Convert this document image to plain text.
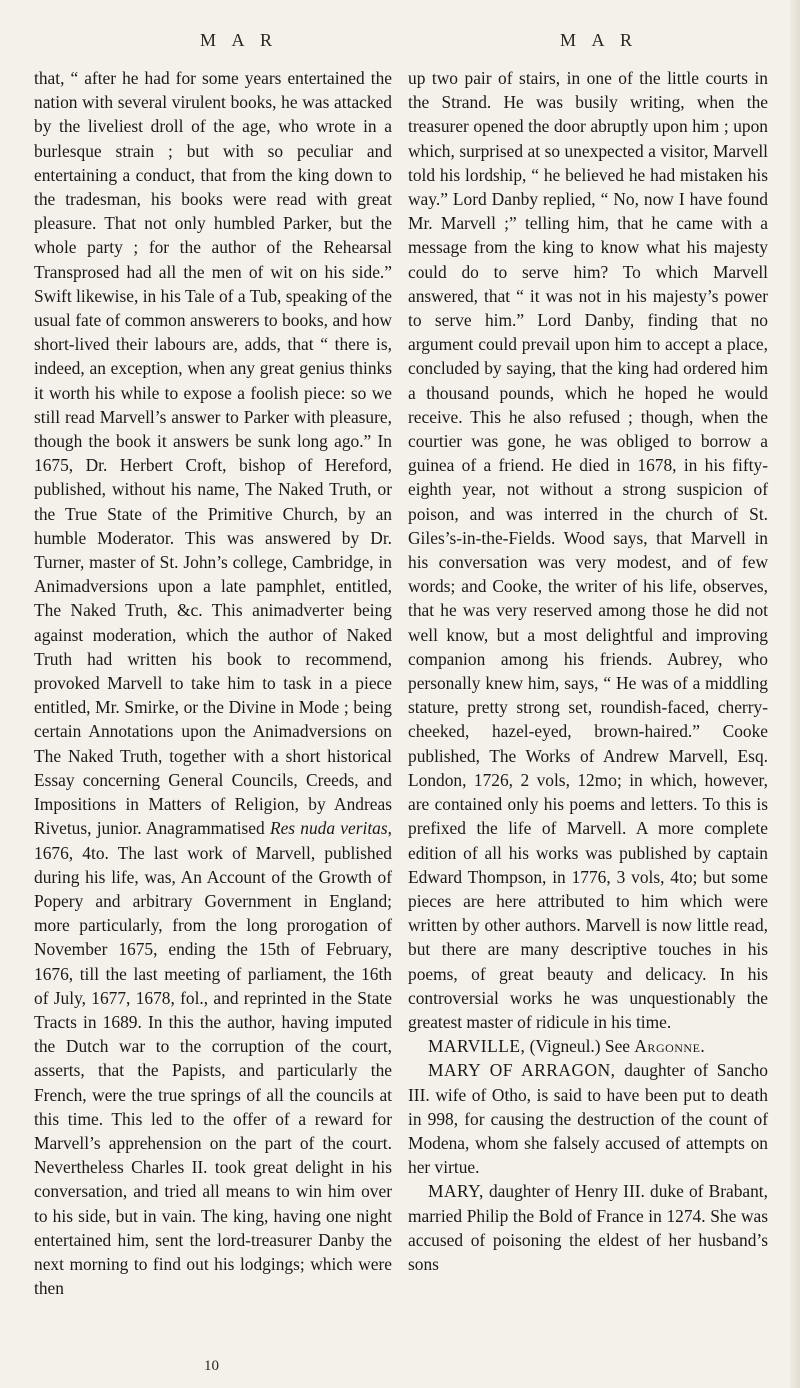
M A R	M A R

that, “ after he had for some years entertained the nation with several virulent books, he was attacked by the liveliest droll of the age, who wrote in a burlesque strain ; but with so peculiar and entertaining a conduct, that from the king down to the tradesman, his books were read with great pleasure. That not only humbled Parker, but the whole party ; for the author of the Rehearsal Transprosed had all the men of wit on his side.” Swift likewise, in his Tale of a Tub, speaking of the usual fate of common answerers to books, and how short-lived their labours are, adds, that “ there is, indeed, an exception, when any great genius thinks it worth his while to expose a foolish piece: so we still read Marvell’s answer to Parker with pleasure, though the book it answers be sunk long ago.” In 1675, Dr. Herbert Croft, bishop of Hereford, published, without his name, The Naked Truth, or the True State of the Primitive Church, by an humble Moderator. This was answered by Dr. Turner, master of St. John’s college, Cambridge, in Animadversions upon a late pamphlet, entitled, The Naked Truth, &c. This animadverter being against moderation, which the author of Naked Truth had written his book to recommend, provoked Marvell to take him to task in a piece entitled, Mr. Smirke, or the Divine in Mode ; being certain Annotations upon the Animadversions on The Naked Truth, together with a short historical Essay concerning General Councils, Creeds, and Impositions in Matters of Religion, by Andreas Rivetus, junior. Anagrammatised Res nuda veritas, 1676, 4to. The last work of Marvell, published during his life, was, An Account of the Growth of Popery and arbitrary Government in England; more particularly, from the long prorogation of November 1675, ending the 15th of February, 1676, till the last meeting of parliament, the 16th of July, 1677, 1678, fol., and reprinted in the State Tracts in 1689. In this the author, having imputed the Dutch war to the corruption of the court, asserts, that the Papists, and particularly the French, were the true springs of all the councils at this time. This led to the offer of a reward for Marvell’s apprehension on the part of the court. Nevertheless Charles II. took great delight in his conversation, and tried all means to win him over to his side, but in vain. The king, having one night entertained him, sent the lord-treasurer Danby the next morning to find out his lodgings; which were then

up two pair of stairs, in one of the little courts in the Strand. He was busily writing, when the treasurer opened the door abruptly upon him ; upon which, surprised at so unexpected a visitor, Marvell told his lordship, “ he believed he had mistaken his way.” Lord Danby replied, “ No, now I have found Mr. Marvell ;” telling him, that he came with a message from the king to know what his majesty could do to serve him? To which Marvell answered, that “ it was not in his majesty’s power to serve him.” Lord Danby, finding that no argument could prevail upon him to accept a place, concluded by saying, that the king had ordered him a thousand pounds, which he hoped he would receive. This he also refused ; though, when the courtier was gone, he was obliged to borrow a guinea of a friend. He died in 1678, in his fifty-eighth year, not without a strong suspicion of poison, and was interred in the church of St. Giles’s-in-the-Fields. Wood says, that Marvell in his conversation was very modest, and of few words; and Cooke, the writer of his life, observes, that he was very reserved among those he did not well know, but a most delightful and improving companion among his friends. Aubrey, who personally knew him, says, “ He was of a middling stature, pretty strong set, roundish-faced, cherry-cheeked, hazel-eyed, brown-haired.” Cooke published, The Works of Andrew Marvell, Esq. London, 1726, 2 vols, 12mo; in which, however, are contained only his poems and letters. To this is prefixed the life of Marvell. A more complete edition of all his works was published by captain Edward Thompson, in 1776, 3 vols, 4to; but some pieces are here attributed to him which were written by other authors. Marvell is now little read, but there are many descriptive touches in his poems, of great beauty and delicacy. In his controversial works he was unquestionably the greatest master of ridicule in his time.

MARVILLE, (Vigneul.) See Argonne.

MARY OF ARRAGON, daughter of Sancho III. wife of Otho, is said to have been put to death in 998, for causing the destruction of the count of Modena, whom she falsely accused of attempts on her virtue.

MARY, daughter of Henry III. duke of Brabant, married Philip the Bold of France in 1274. She was accused of poisoning the eldest of her husband’s sons

10
